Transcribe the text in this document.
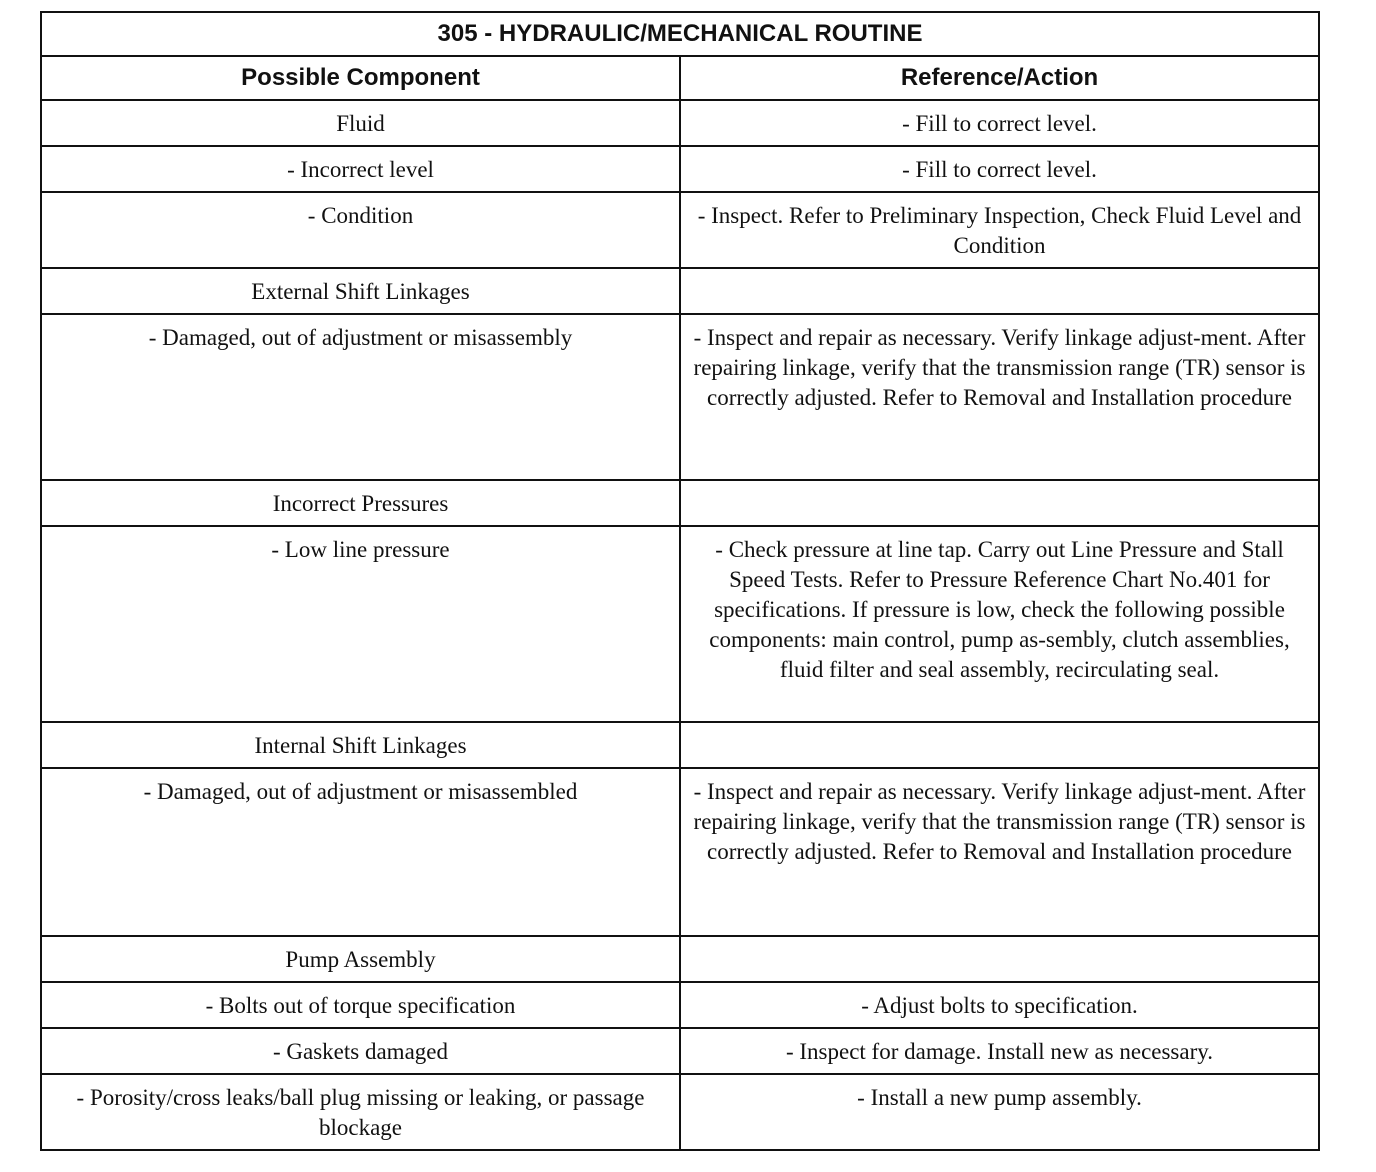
305 - HYDRAULIC/MECHANICAL ROUTINE	
Possible Component	Reference/Action
Fluid	- Fill to correct level.
- Incorrect level	- Fill to correct level.
- Condition	- Inspect. Refer to Preliminary Inspection, Check Fluid Level and Condition
External Shift Linkages	
- Damaged, out of adjustment or misassembly	- Inspect and repair as necessary. Verify linkage adjust-ment. After repairing linkage, verify that the transmission range (TR) sensor is correctly adjusted. Refer to Removal and Installation procedure
Incorrect Pressures	
- Low line pressure	- Check pressure at line tap. Carry out Line Pressure and Stall Speed Tests. Refer to Pressure Reference Chart No.401 for specifications. If pressure is low, check the following possible components: main control, pump as-sembly, clutch assemblies, fluid filter and seal assembly, recirculating seal.
Internal Shift Linkages	
- Damaged, out of adjustment or misassembled	- Inspect and repair as necessary. Verify linkage adjust-ment. After repairing linkage, verify that the transmission range (TR) sensor is correctly adjusted. Refer to Removal and Installation procedure
Pump Assembly	
- Bolts out of torque specification	- Adjust bolts to specification.
- Gaskets damaged	- Inspect for damage. Install new as necessary.
- Porosity/cross leaks/ball plug missing or leaking, or passage blockage	- Install a new pump assembly.
